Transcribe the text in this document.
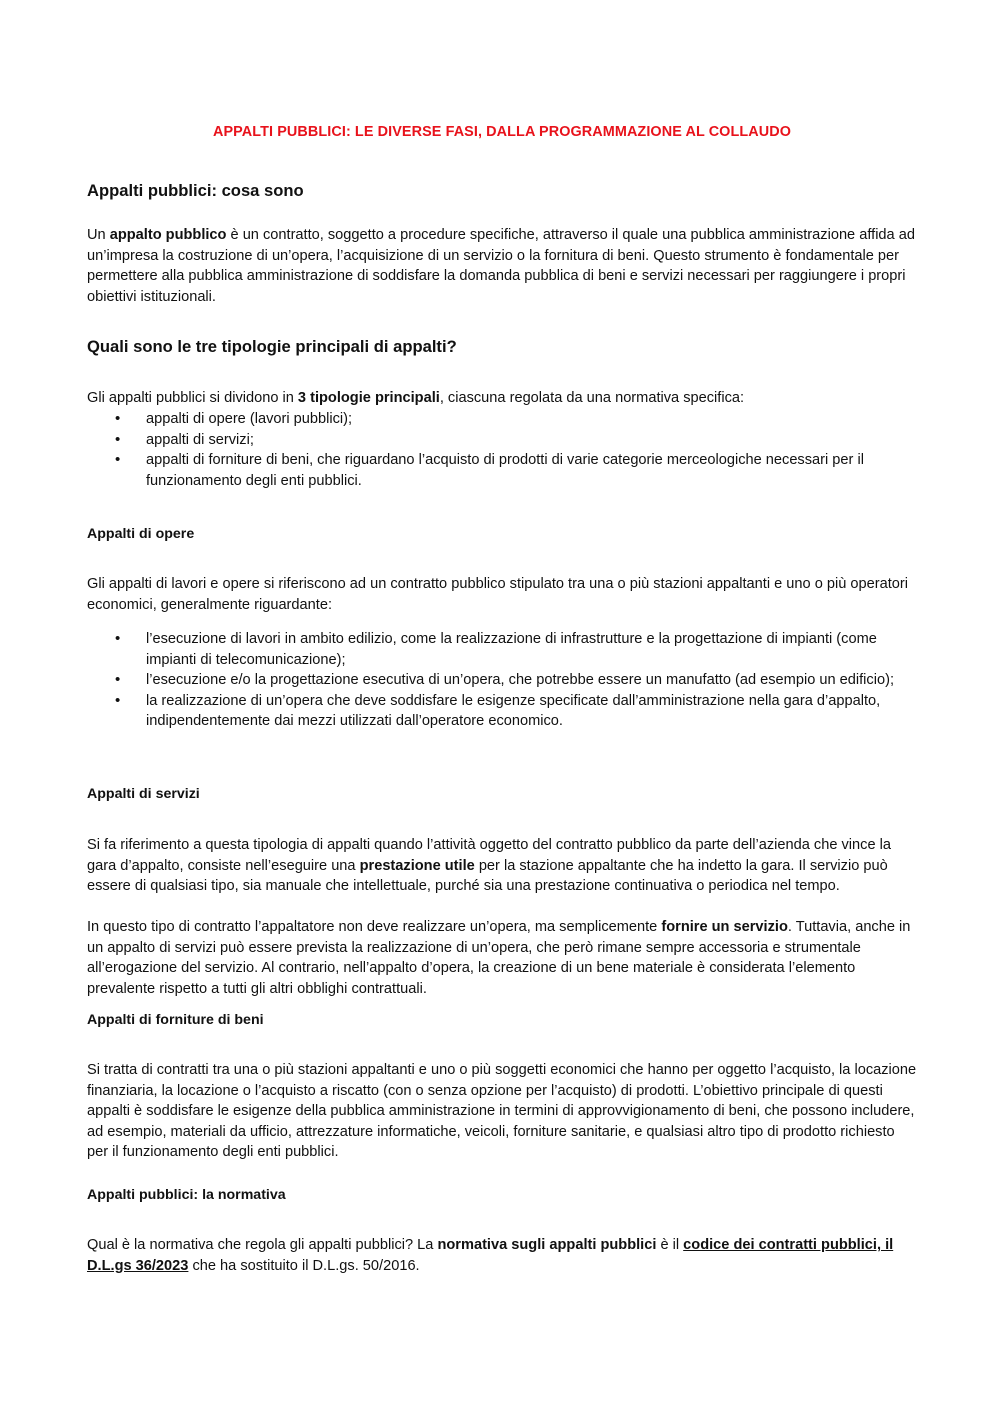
APPALTI PUBBLICI: LE DIVERSE FASI, DALLA PROGRAMMAZIONE AL COLLAUDO
Appalti pubblici: cosa sono

Un appalto pubblico è un contratto, soggetto a procedure specifiche, attraverso il quale una pubblica amministrazione affida ad un’impresa la costruzione di un’opera, l’acquisizione di un servizio o la fornitura di beni. Questo strumento è fondamentale per permettere alla pubblica amministrazione di soddisfare la domanda pubblica di beni e servizi necessari per raggiungere i propri obiettivi istituzionali.

Quali sono le tre tipologie principali di appalti?

Gli appalti pubblici si dividono in 3 tipologie principali, ciascuna regolata da una normativa specifica:

• appalti di opere (lavori pubblici);
• appalti di servizi;
• appalti di forniture di beni, che riguardano l’acquisto di prodotti di varie categorie merceologiche necessari per il funzionamento degli enti pubblici.
Appalti di opere

Gli appalti di lavori e opere si riferiscono ad un contratto pubblico stipulato tra una o più stazioni appaltanti e uno o più operatori economici, generalmente riguardante:

• l’esecuzione di lavori in ambito edilizio, come la realizzazione di infrastrutture e la progettazione di impianti (come impianti di telecomunicazione);
• l’esecuzione e/o la progettazione esecutiva di un’opera, che potrebbe essere un manufatto (ad esempio un edificio);
• la realizzazione di un’opera che deve soddisfare le esigenze specificate dall’amministrazione nella gara d’appalto, indipendentemente dai mezzi utilizzati dall’operatore economico.
Appalti di servizi

Si fa riferimento a questa tipologia di appalti quando l’attività oggetto del contratto pubblico da parte dell’azienda che vince la gara d’appalto, consiste nell’eseguire una prestazione utile per la stazione appaltante che ha indetto la gara. Il servizio può essere di qualsiasi tipo, sia manuale che intellettuale, purché sia una prestazione continuativa o periodica nel tempo.

In questo tipo di contratto l’appaltatore non deve realizzare un’opera, ma semplicemente fornire un servizio. Tuttavia, anche in un appalto di servizi può essere prevista la realizzazione di un’opera, che però rimane sempre accessoria e strumentale all’erogazione del servizio. Al contrario, nell’appalto d’opera, la creazione di un bene materiale è considerata l’elemento prevalente rispetto a tutti gli altri obblighi contrattuali.

Appalti di forniture di beni

Si tratta di contratti tra una o più stazioni appaltanti e uno o più soggetti economici che hanno per oggetto l’acquisto, la locazione finanziaria, la locazione o l’acquisto a riscatto (con o senza opzione per l’acquisto) di prodotti. L’obiettivo principale di questi appalti è soddisfare le esigenze della pubblica amministrazione in termini di approvvigionamento di beni, che possono includere, ad esempio, materiali da ufficio, attrezzature informatiche, veicoli, forniture sanitarie, e qualsiasi altro tipo di prodotto richiesto per il funzionamento degli enti pubblici.

Appalti pubblici: la normativa

Qual è la normativa che regola gli appalti pubblici? La normativa sugli appalti pubblici è il codice dei contratti pubblici, il D.L.gs 36/2023 che ha sostituito il D.L.gs. 50/2016.
